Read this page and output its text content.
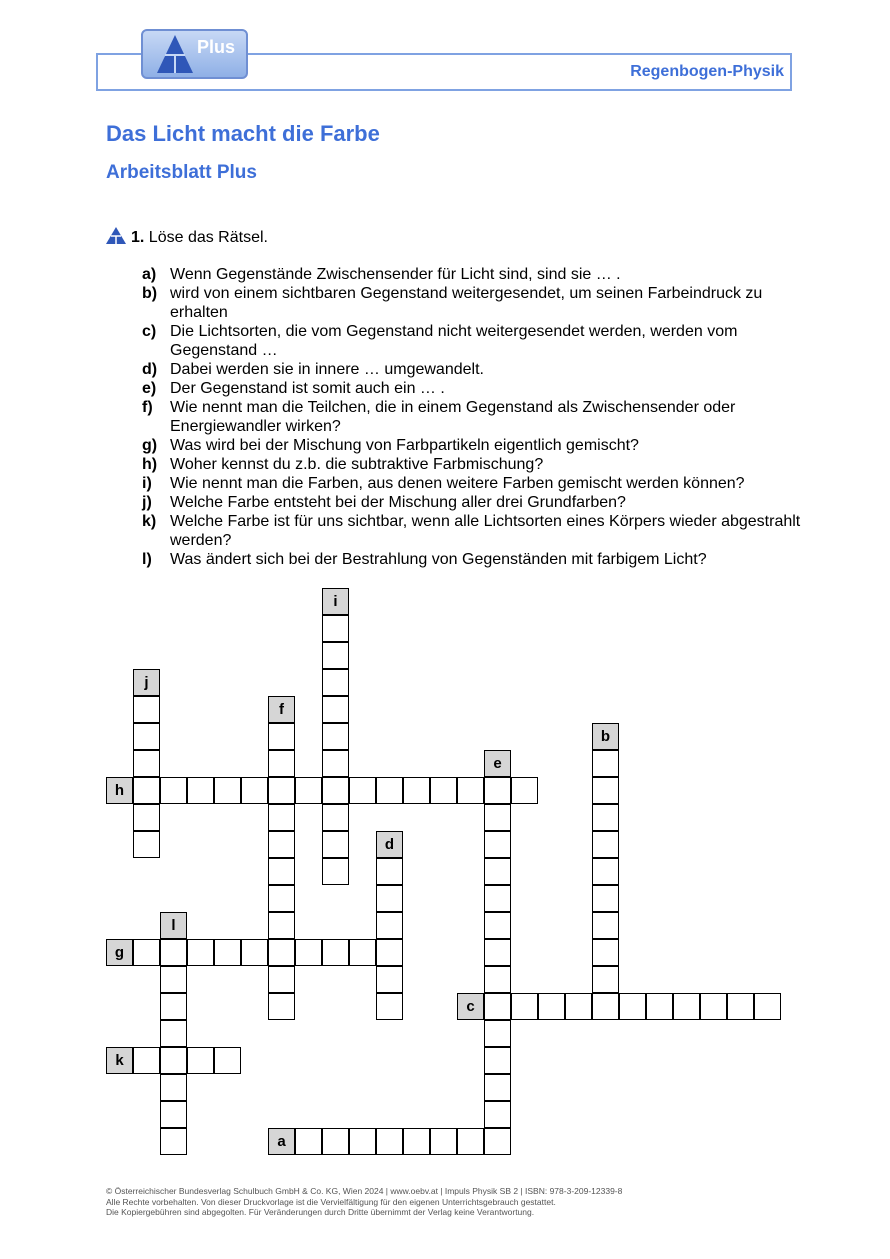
Plus
Regenbogen-Physik
Das Licht macht die Farbe
Arbeitsblatt Plus
1. Löse das Rätsel.
a) Wenn Gegenstände Zwischensender für Licht sind, sind sie … .
b) wird von einem sichtbaren Gegenstand weitergesendet, um seinen Farbeindruck zu erhalten
c) Die Lichtsorten, die vom Gegenstand nicht weitergesendet werden, werden vom Gegenstand …
d) Dabei werden sie in innere … umgewandelt.
e) Der Gegenstand ist somit auch ein … .
f)	Wie nennt man die Teilchen, die in einem Gegenstand als Zwischensender oder Energiewandler wirken?
g) Was wird bei der Mischung von Farbpartikeln eigentlich gemischt?
h) Woher kennst du z.b. die subtraktive Farbmischung?
i)	Wie nennt man die Farben, aus denen weitere Farben gemischt werden können?
j)	Welche Farbe entsteht bei der Mischung aller drei Grundfarben?
k) Welche Farbe ist für uns sichtbar, wenn alle Lichtsorten eines Körpers wieder abgestrahlt werden?
l)	Was ändert sich bei der Bestrahlung von Gegenständen mit farbigem Licht?
a
b
c
d
e
f
g
h
i
j
k
l
© Österreichischer Bundesverlag Schulbuch GmbH & Co. KG, Wien 2024 | www.oebv.at | Impuls Physik SB 2 | ISBN: 978-3-209-12339-8
Alle Rechte vorbehalten. Von dieser Druckvorlage ist die Vervielfältigung für den eigenen Unterrichtsgebrauch gestattet.
Die Kopiergebühren sind abgegolten. Für Veränderungen durch Dritte übernimmt der Verlag keine Verantwortung.
